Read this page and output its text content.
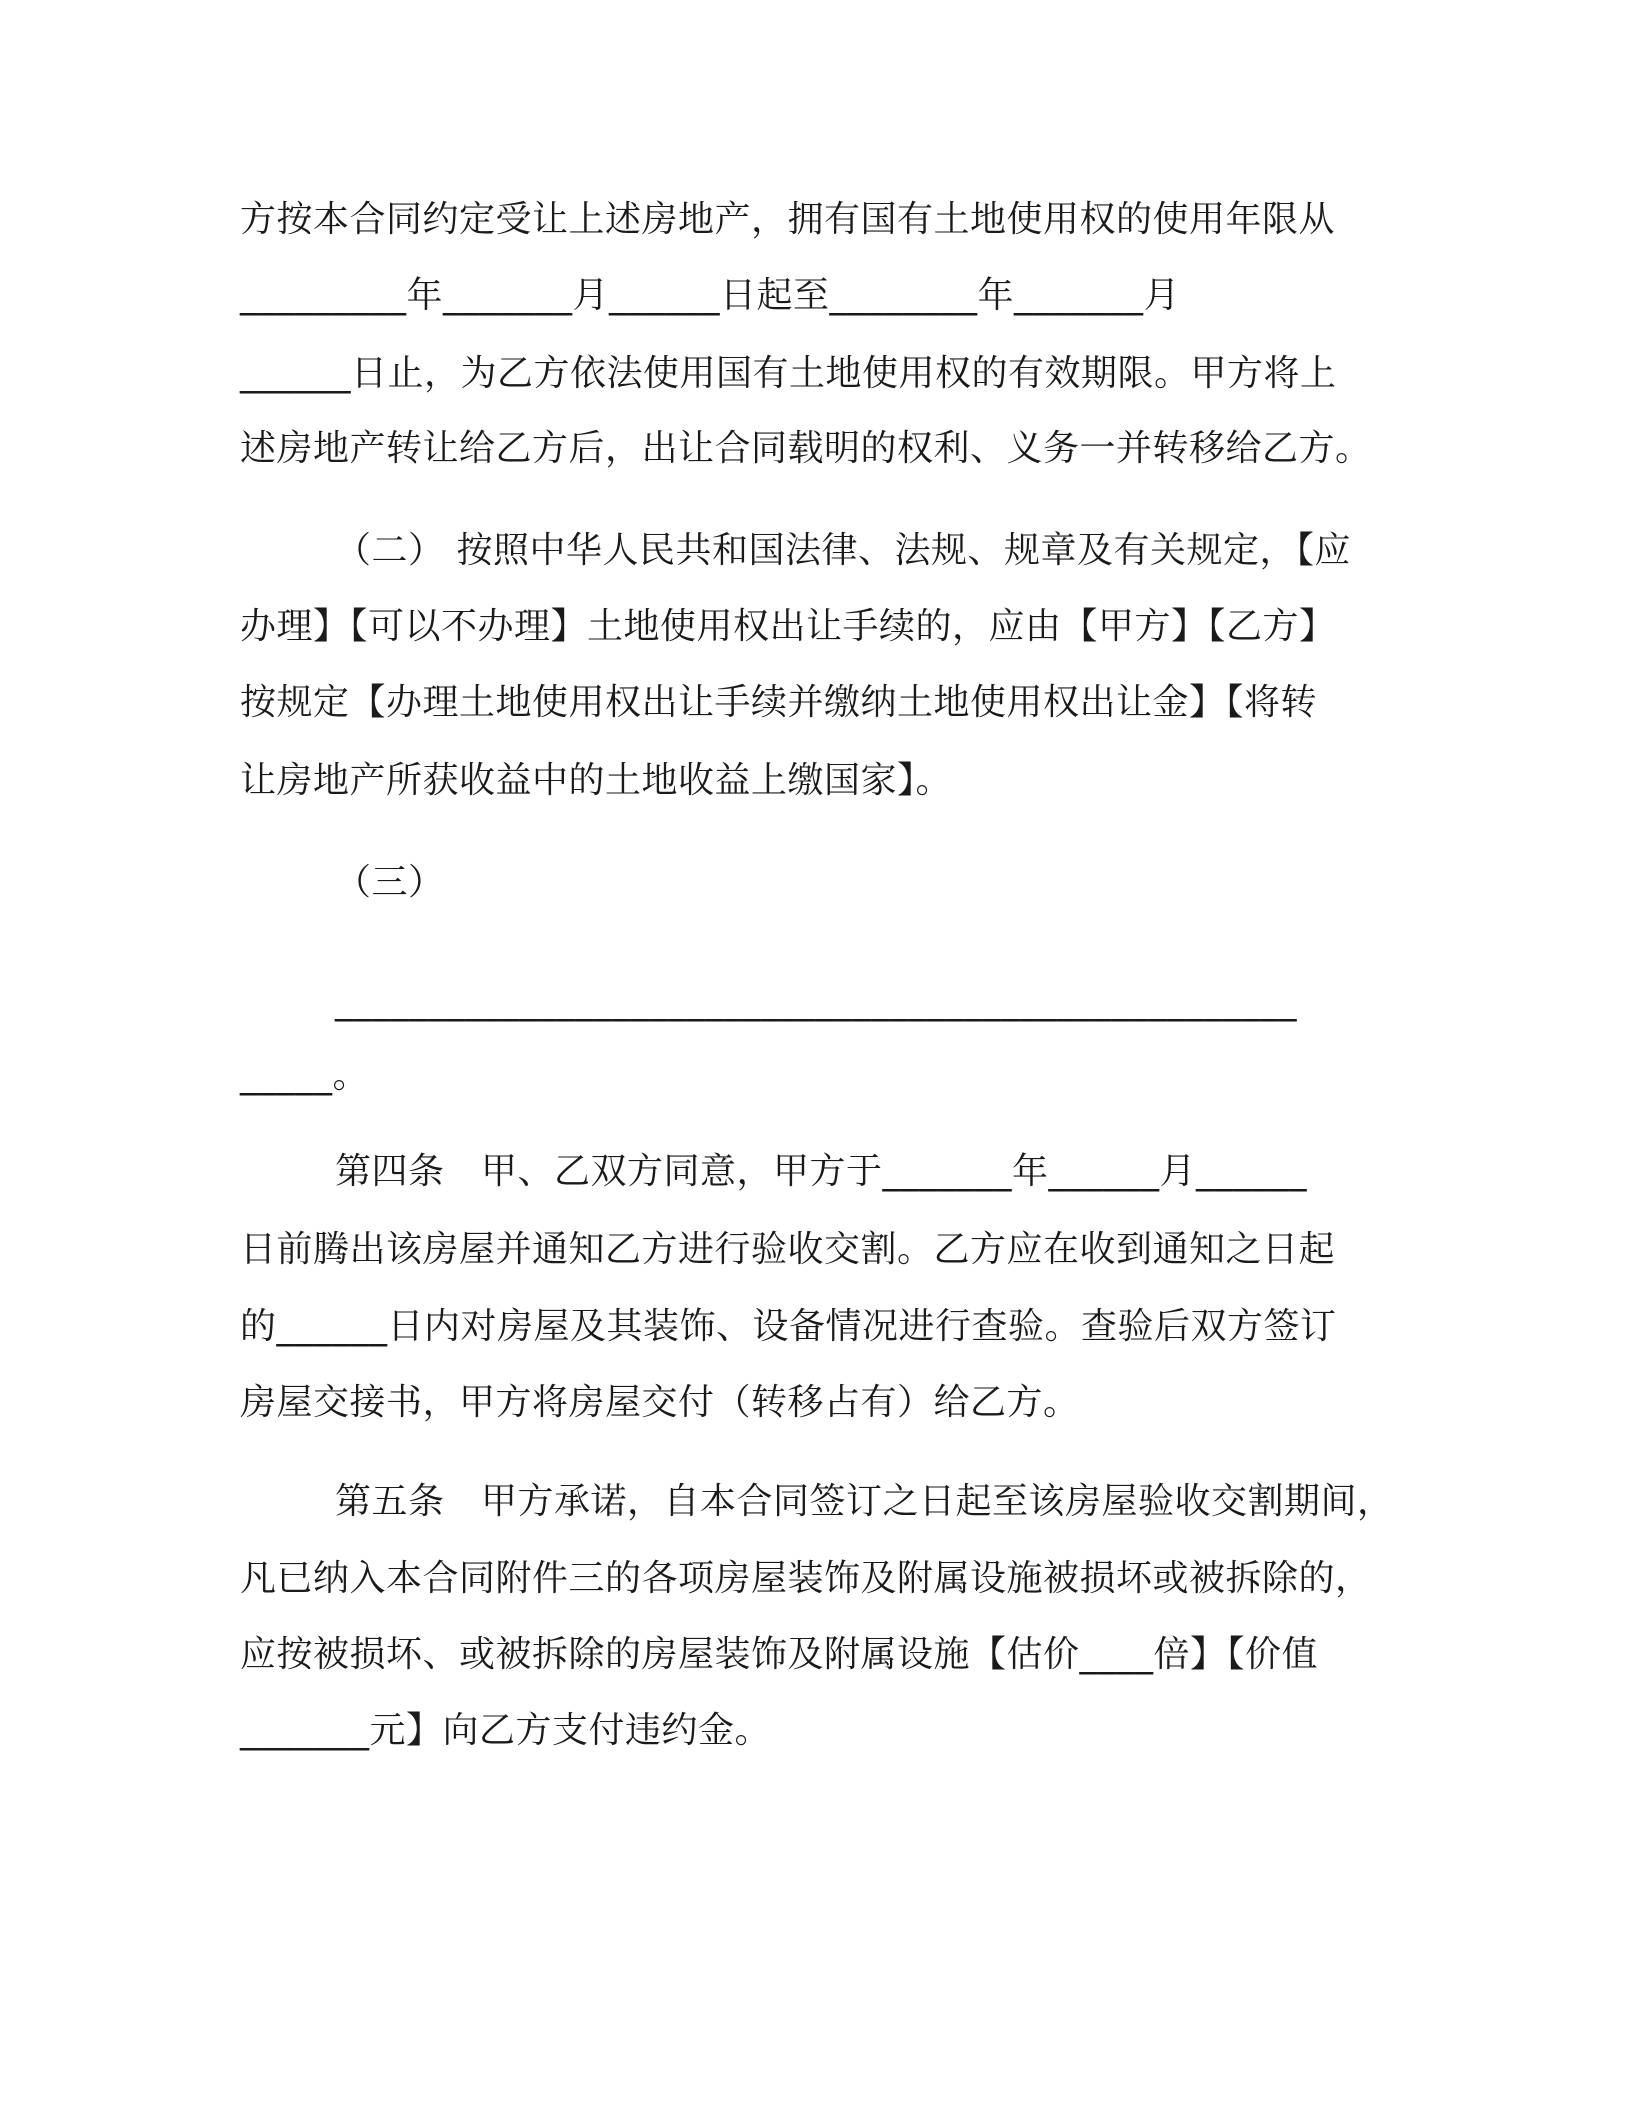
方按本合同约定受让上述房地产，拥有国有土地使用权的使用年限从

_________年_______月______日起至________年_______月

______日止，为乙方依法使用国有土地使用权的有效期限。甲方将上

述房地产转让给乙方后，出让合同载明的权利、义务一并转移给乙方。

（二） 按照中华人民共和国法律、法规、规章及有关规定，【应

办理】【可以不办理】土地使用权出让手续的，应由【甲方】【乙方】

按规定【办理土地使用权出让手续并缴纳土地使用权出让金】【将转

让房地产所获收益中的土地收益上缴国家】。

（三）

____________________________________________________

_____。

第四条　甲、乙双方同意，甲方于_______年______月______

日前腾出该房屋并通知乙方进行验收交割。乙方应在收到通知之日起

的______日内对房屋及其装饰、设备情况进行查验。查验后双方签订

房屋交接书，甲方将房屋交付（转移占有）给乙方。

第五条　甲方承诺，自本合同签订之日起至该房屋验收交割期间，

凡已纳入本合同附件三的各项房屋装饰及附属设施被损坏或被拆除的，

应按被损坏、或被拆除的房屋装饰及附属设施【估价____倍】【价值

_______元】向乙方支付违约金。
